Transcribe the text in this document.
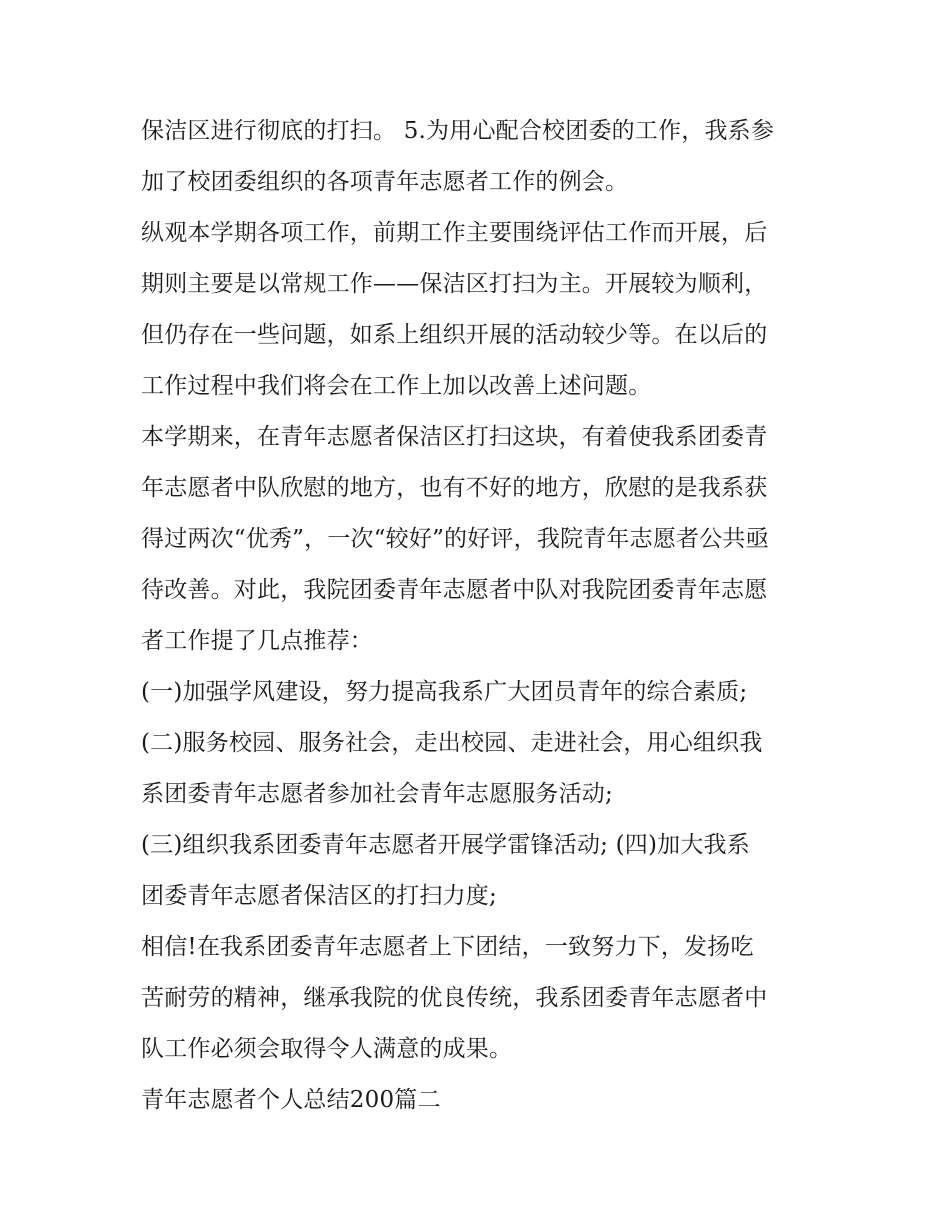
保洁区进行彻底的打扫。 5.为用心配合校团委的工作，我系参
加了校团委组织的各项青年志愿者工作的例会。
纵观本学期各项工作，前期工作主要围绕评估工作而开展，后
期则主要是以常规工作——保洁区打扫为主。开展较为顺利，
但仍存在一些问题，如系上组织开展的活动较少等。在以后的
工作过程中我们将会在工作上加以改善上述问题。
本学期来，在青年志愿者保洁区打扫这块，有着使我系团委青
年志愿者中队欣慰的地方，也有不好的地方，欣慰的是我系获
得过两次“优秀”，一次“较好”的好评，我院青年志愿者公共亟
待改善。对此，我院团委青年志愿者中队对我院团委青年志愿
者工作提了几点推荐：
(一)加强学风建设，努力提高我系广大团员青年的综合素质;
(二)服务校园、服务社会，走出校园、走进社会，用心组织我
系团委青年志愿者参加社会青年志愿服务活动;
(三)组织我系团委青年志愿者开展学雷锋活动; (四)加大我系
团委青年志愿者保洁区的打扫力度;
相信!在我系团委青年志愿者上下团结，一致努力下，发扬吃
苦耐劳的精神，继承我院的优良传统，我系团委青年志愿者中
队工作必须会取得令人满意的成果。
青年志愿者个人总结200篇二
